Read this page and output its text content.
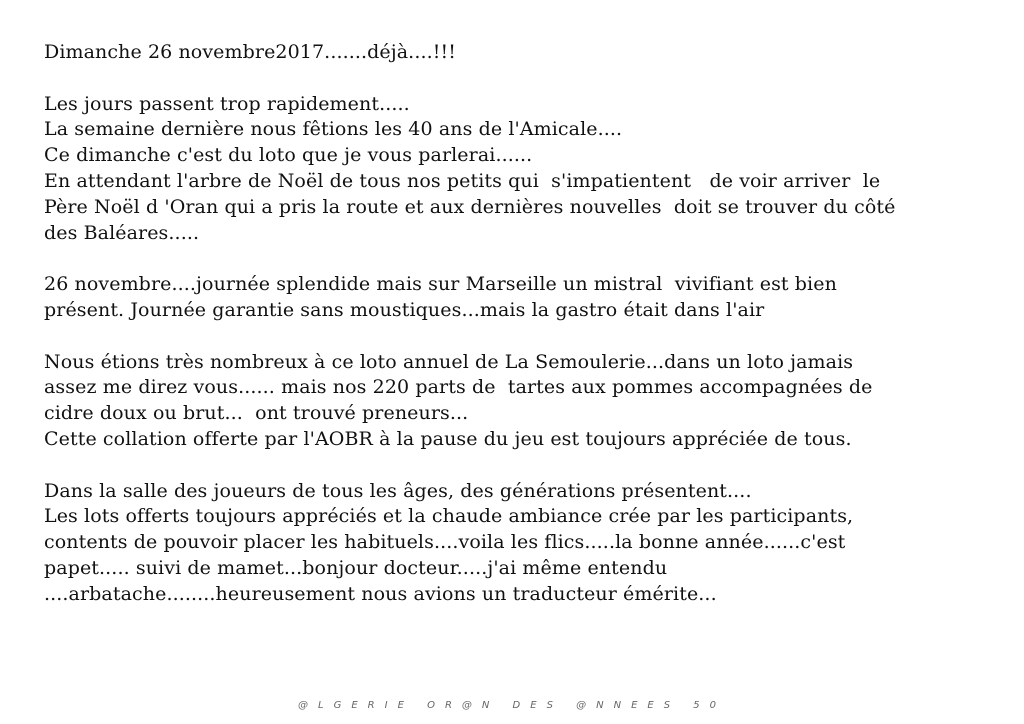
Dimanche 26 novembre2017.......déjà....!!!
Les jours passent trop rapidement.....
La semaine dernière nous fêtions les 40 ans de l'Amicale....
Ce dimanche c'est du loto que je vous parlerai......
En attendant l'arbre de Noël de tous nos petits qui  s'impatientent   de voir arriver  le
Père Noël d 'Oran qui a pris la route et aux dernières nouvelles  doit se trouver du côté
des Baléares.....
26 novembre....journée splendide mais sur Marseille un mistral  vivifiant est bien
présent. Journée garantie sans moustiques...mais la gastro était dans l'air
Nous étions très nombreux à ce loto annuel de La Semoulerie...dans un loto jamais
assez me direz vous...... mais nos 220 parts de  tartes aux pommes accompagnées de
cidre doux ou brut...  ont trouvé preneurs...
Cette collation offerte par l'AOBR à la pause du jeu est toujours appréciée de tous.
Dans la salle des joueurs de tous les âges, des générations présentent....
Les lots offerts toujours appréciés et la chaude ambiance crée par les participants,
contents de pouvoir placer les habituels....voila les flics.....la bonne année......c'est
papet..... suivi de mamet...bonjour docteur.....j'ai même entendu
....arbatache........heureusement nous avions un traducteur émérite...
@LGERIE OR@N DES @NNEES 50
